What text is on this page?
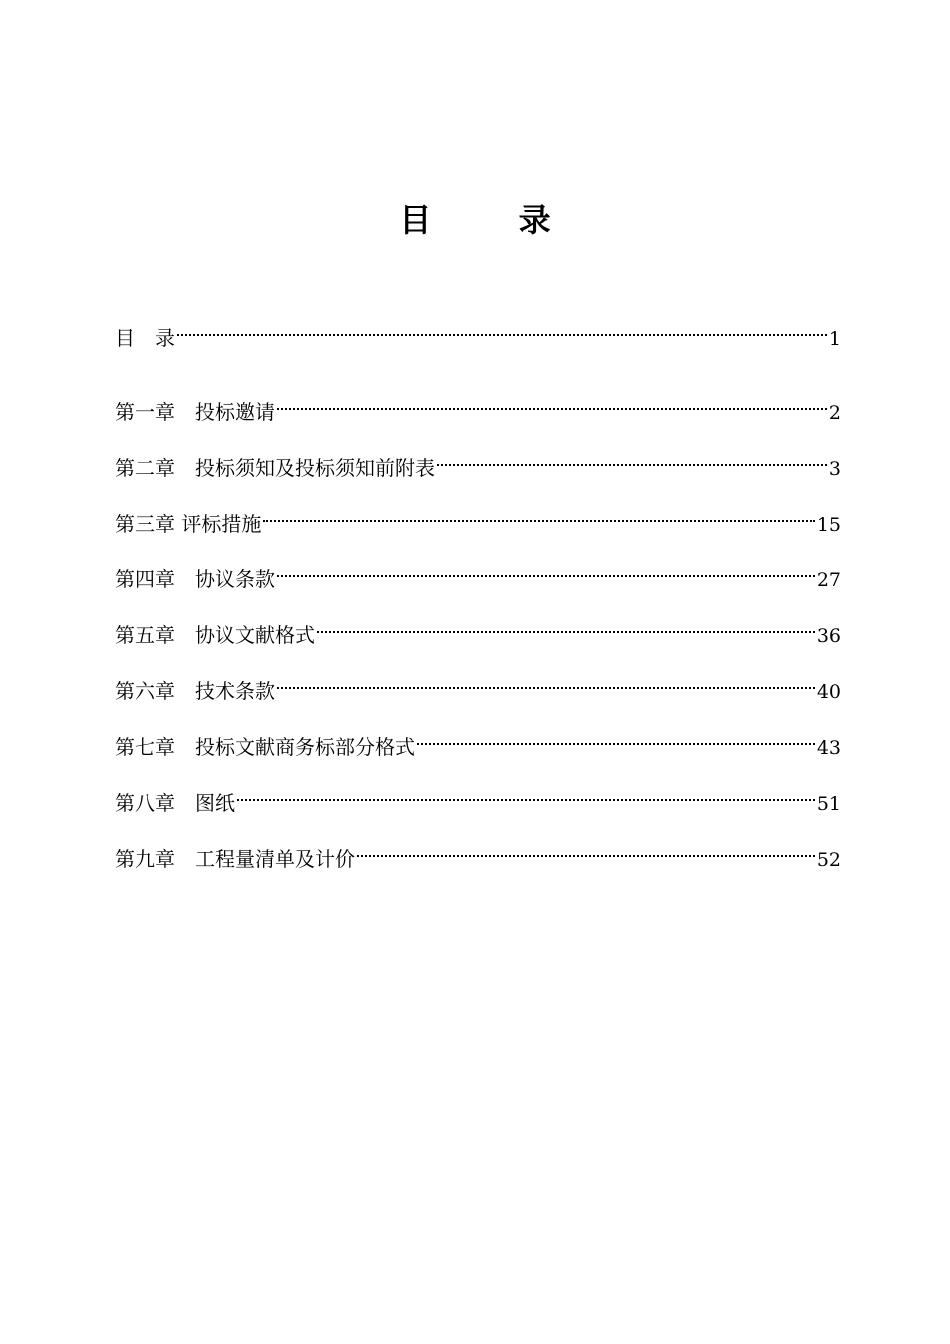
目 录
目　录	1
第一章　投标邀请	2
第二章　投标须知及投标须知前附表	3
第三章 评标措施	15
第四章　协议条款	27
第五章　协议文献格式	36
第六章　技术条款	40
第七章　投标文献商务标部分格式	43
第八章　图纸	51
第九章　工程量清单及计价	52
